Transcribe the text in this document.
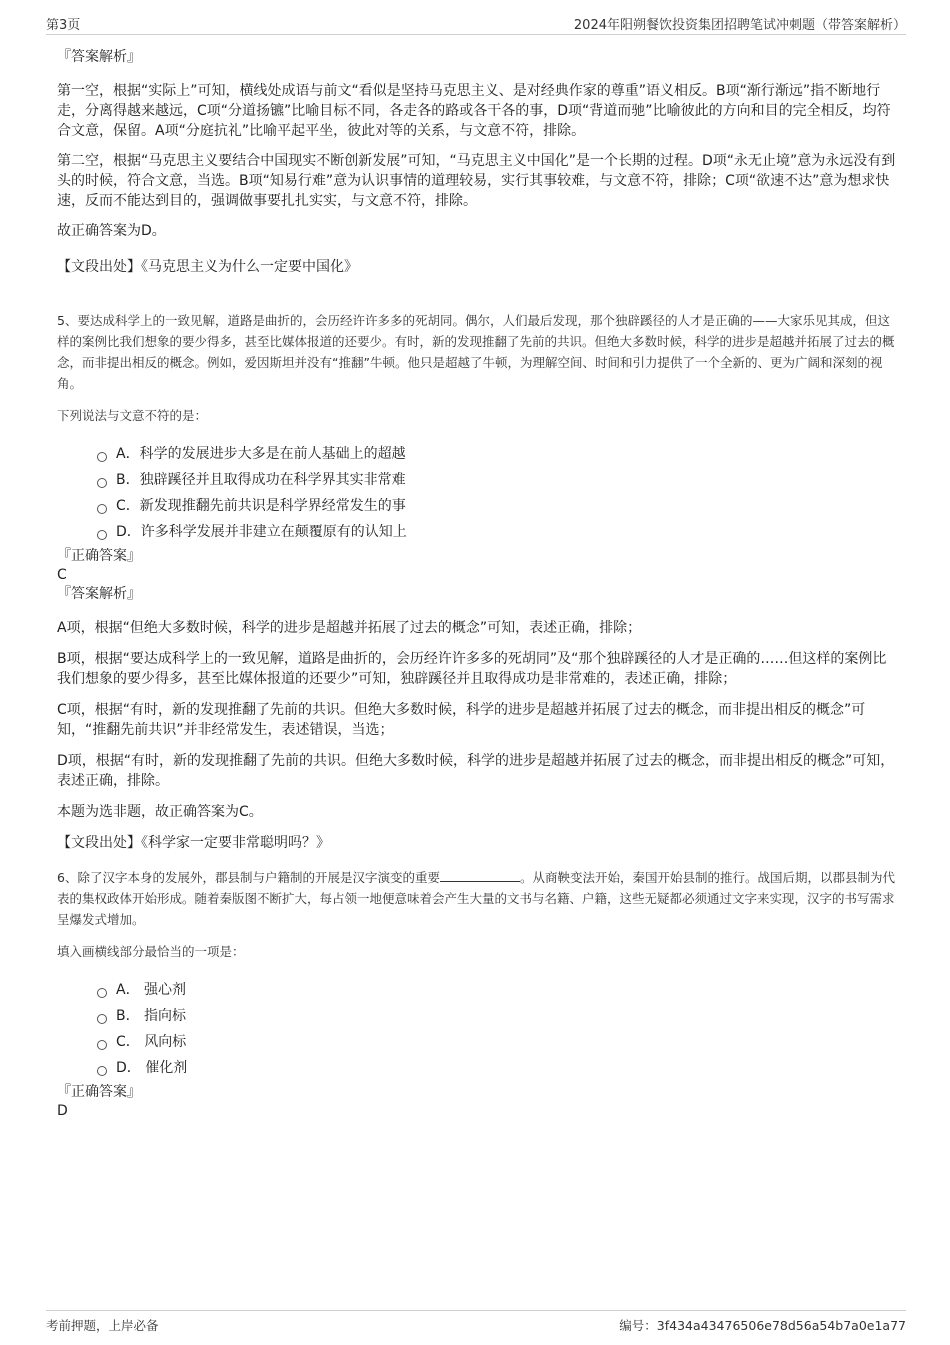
第3页	2024年阳朔餐饮投资集团招聘笔试冲刺题（带答案解析）

『答案解析』

第一空，根据“实际上”可知，横线处成语与前文“看似是坚持马克思主义、是对经典作家的尊重”语义相反。B项“渐行渐远”指不断地行走，分离得越来越远，C项“分道扬镳”比喻目标不同，各走各的路或各干各的事，D项“背道而驰”比喻彼此的方向和目的完全相反，均符合文意，保留。A项“分庭抗礼”比喻平起平坐，彼此对等的关系，与文意不符，排除。

第二空，根据“马克思主义要结合中国现实不断创新发展”可知，“马克思主义中国化”是一个长期的过程。D项“永无止境”意为永远没有到头的时候，符合文意，当选。B项“知易行难”意为认识事情的道理较易，实行其事较难，与文意不符，排除；C项“欲速不达”意为想求快速，反而不能达到目的，强调做事要扎扎实实，与文意不符，排除。

故正确答案为D。

【文段出处】《马克思主义为什么一定要中国化》

5、要达成科学上的一致见解，道路是曲折的，会历经许许多多的死胡同。偶尔，人们最后发现，那个独辟蹊径的人才是正确的——大家乐见其成，但这样的案例比我们想象的要少得多，甚至比媒体报道的还要少。有时，新的发现推翻了先前的共识。但绝大多数时候，科学的进步是超越并拓展了过去的概念，而非提出相反的概念。例如，爱因斯坦并没有“推翻”牛顿。他只是超越了牛顿，为理解空间、时间和引力提供了一个全新的、更为广阔和深刻的视角。

下列说法与文意不符的是：

A．科学的发展进步大多是在前人基础上的超越
B．独辟蹊径并且取得成功在科学界其实非常难
C．新发现推翻先前共识是科学界经常发生的事
D．许多科学发展并非建立在颠覆原有的认知上

『正确答案』

C

『答案解析』

A项，根据“但绝大多数时候，科学的进步是超越并拓展了过去的概念”可知，表述正确，排除；

B项，根据“要达成科学上的一致见解，道路是曲折的，会历经许许多多的死胡同”及“那个独辟蹊径的人才是正确的……但这样的案例比我们想象的要少得多，甚至比媒体报道的还要少”可知，独辟蹊径并且取得成功是非常难的，表述正确，排除；

C项，根据“有时，新的发现推翻了先前的共识。但绝大多数时候，科学的进步是超越并拓展了过去的概念，而非提出相反的概念”可知，“推翻先前共识”并非经常发生，表述错误，当选；

D项，根据“有时，新的发现推翻了先前的共识。但绝大多数时候，科学的进步是超越并拓展了过去的概念，而非提出相反的概念”可知，表述正确，排除。

本题为选非题，故正确答案为C。

【文段出处】《科学家一定要非常聪明吗？》

6、除了汉字本身的发展外，郡县制与户籍制的开展是汉字演变的重要	。从商鞅变法开始，秦国开始县制的推行。战国后期，以郡县制为代表的集权政体开始形成。随着秦版图不断扩大，每占领一地便意味着会产生大量的文书与名籍、户籍，这些无疑都必须通过文字来实现，汉字的书写需求呈爆发式增加。

填入画横线部分最恰当的一项是：

A． 强心剂
B． 指向标
C． 风向标
D． 催化剂

『正确答案』

D

考前押题，上岸必备	编号：3f434a43476506e78d56a54b7a0e1a77
